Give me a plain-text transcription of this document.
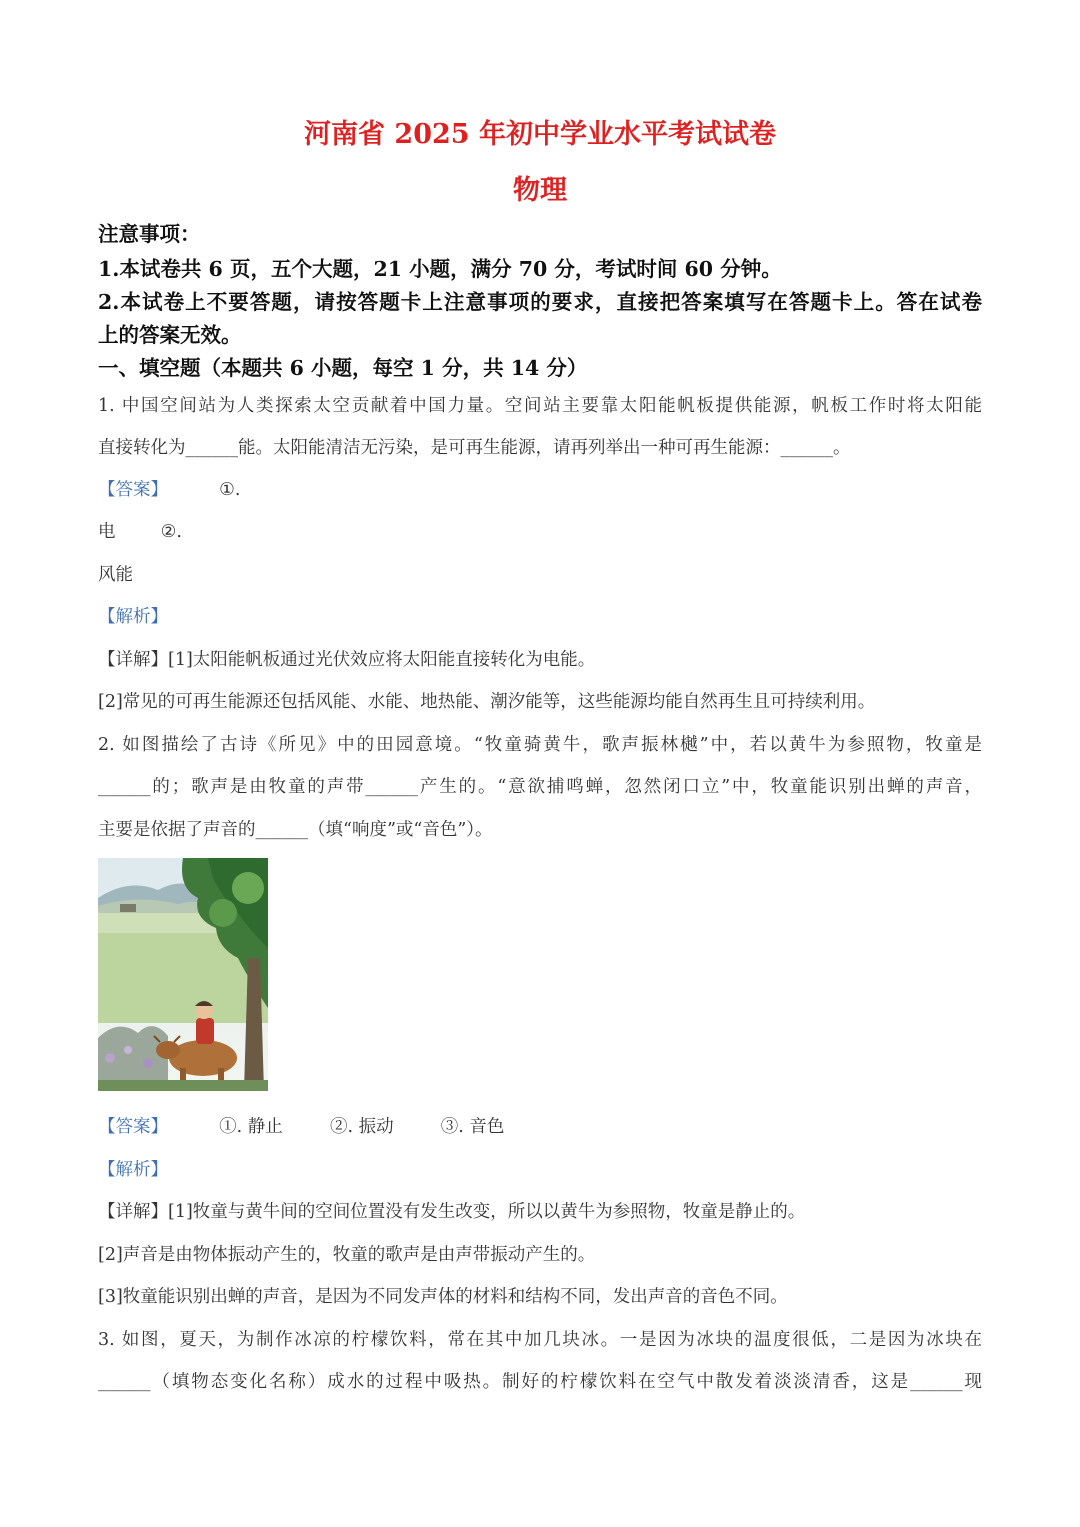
河南省 2025 年初中学业水平考试试卷
物理
注意事项：
1.本试卷共 6 页，五个大题，21 小题，满分 70 分，考试时间 60 分钟。
2.本试卷上不要答题，请按答题卡上注意事项的要求，直接把答案填写在答题卡上。答在试卷
上的答案无效。
一、填空题（本题共 6 小题，每空 1 分，共 14 分）
1. 中国空间站为人类探索太空贡献着中国力量。空间站主要靠太阳能帆板提供能源，帆板工作时将太阳能
直接转化为______能。太阳能清洁无污染，是可再生能源，请再列举出一种可再生能源：______。
【答案】	①.
电	②.
风能
【解析】
【详解】[1]太阳能帆板通过光伏效应将太阳能直接转化为电能。
[2]常见的可再生能源还包括风能、水能、地热能、潮汐能等，这些能源均能自然再生且可持续利用。
2. 如图描绘了古诗《所见》中的田园意境。“牧童骑黄牛，歌声振林樾”中，若以黄牛为参照物，牧童是
______的；歌声是由牧童的声带______产生的。“意欲捕鸣蝉，忽然闭口立”中，牧童能识别出蝉的声音，
主要是依据了声音的______（填“响度”或“音色”）。
【答案】	①. 静止	②. 振动	③. 音色
【解析】
【详解】[1]牧童与黄牛间的空间位置没有发生改变，所以以黄牛为参照物，牧童是静止的。
[2]声音是由物体振动产生的，牧童的歌声是由声带振动产生的。
[3]牧童能识别出蝉的声音，是因为不同发声体的材料和结构不同，发出声音的音色不同。
3. 如图，夏天，为制作冰凉的柠檬饮料，常在其中加几块冰。一是因为冰块的温度很低，二是因为冰块在
______（填物态变化名称）成水的过程中吸热。制好的柠檬饮料在空气中散发着淡淡清香，这是______现
